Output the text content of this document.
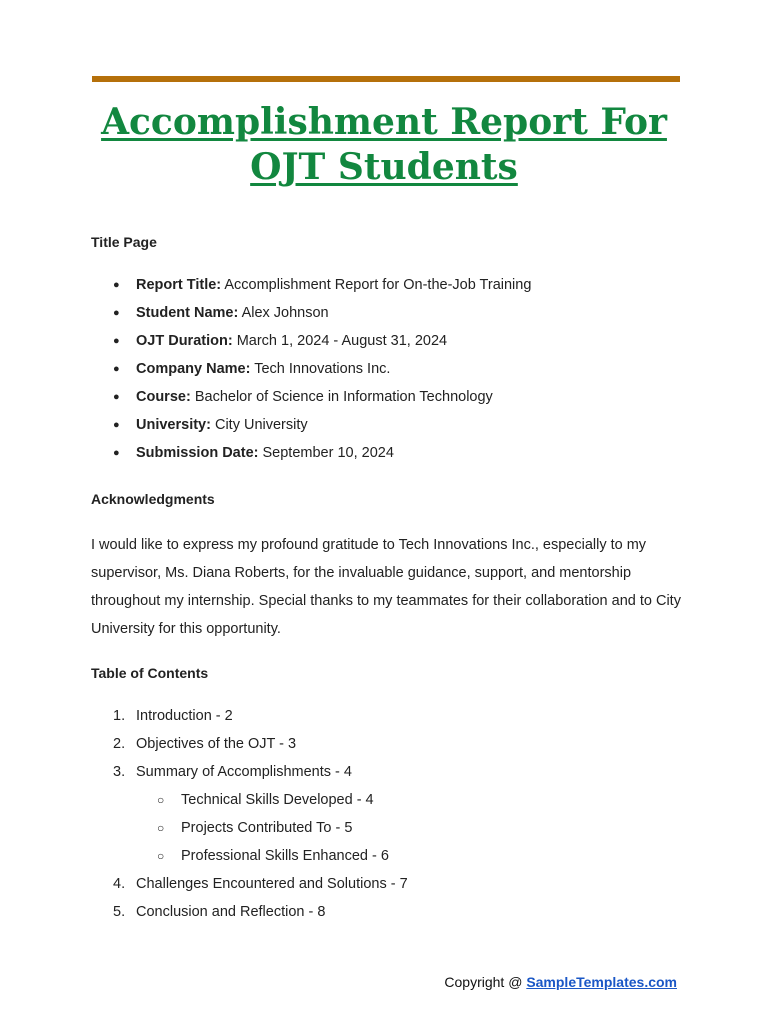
Accomplishment Report For OJT Students
Title Page
● Report Title: Accomplishment Report for On-the-Job Training
● Student Name: Alex Johnson
● OJT Duration: March 1, 2024 - August 31, 2024
● Company Name: Tech Innovations Inc.
● Course: Bachelor of Science in Information Technology
● University: City University
● Submission Date: September 10, 2024
Acknowledgments

I would like to express my profound gratitude to Tech Innovations Inc., especially to my supervisor, Ms. Diana Roberts, for the invaluable guidance, support, and mentorship throughout my internship. Special thanks to my teammates for their collaboration and to City University for this opportunity.

Table of Contents
1. Introduction - 2
2. Objectives of the OJT - 3
3. Summary of Accomplishments - 4
○ Technical Skills Developed - 4
○ Projects Contributed To - 5
○ Professional Skills Enhanced - 6
4. Challenges Encountered and Solutions - 7
5. Conclusion and Reflection - 8
Copyright @ SampleTemplates.com
